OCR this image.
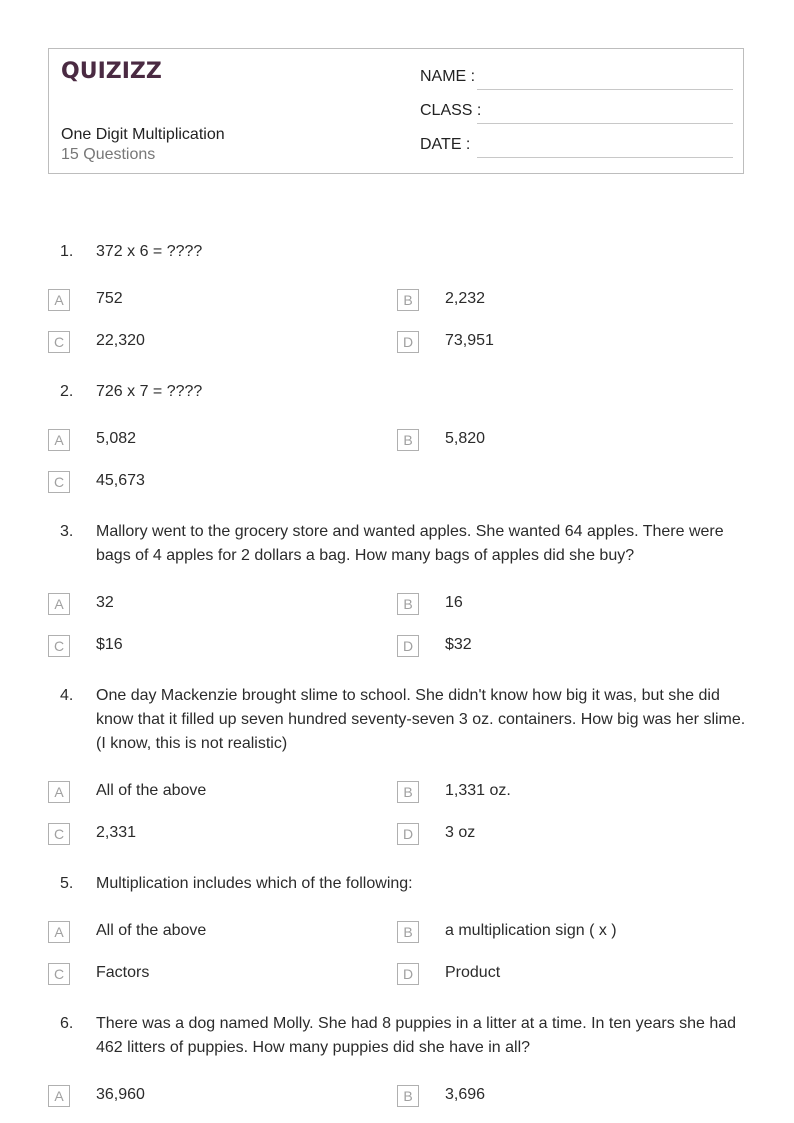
QUIZIZZ
One Digit Multiplication
15 Questions
NAME :
CLASS :
DATE :
1.	372 x 6 = ????
A	752	B	2,232
C	22,320	D	73,951
2.	726 x 7 = ????
A	5,082	B	5,820
C	45,673
3.	Mallory went to the grocery store and wanted apples. She wanted 64 apples. There were bags of 4 apples for 2 dollars a bag. How many bags of apples did she buy?
A	32	B	16
C	$16	D	$32
4.	One day Mackenzie brought slime to school. She didn't know how big it was, but she did know that it filled up seven hundred seventy-seven 3 oz. containers. How big was her slime. (I know, this is not realistic)
A	All of the above	B	1,331 oz.
C	2,331	D	3 oz
5.	Multiplication includes which of the following:
A	All of the above	B	a multiplication sign ( x )
C	Factors	D	Product
6.	There was a dog named Molly. She had 8 puppies in a litter at a time. In ten years she had 462 litters of puppies. How many puppies did she have in all?
A	36,960	B	3,696
